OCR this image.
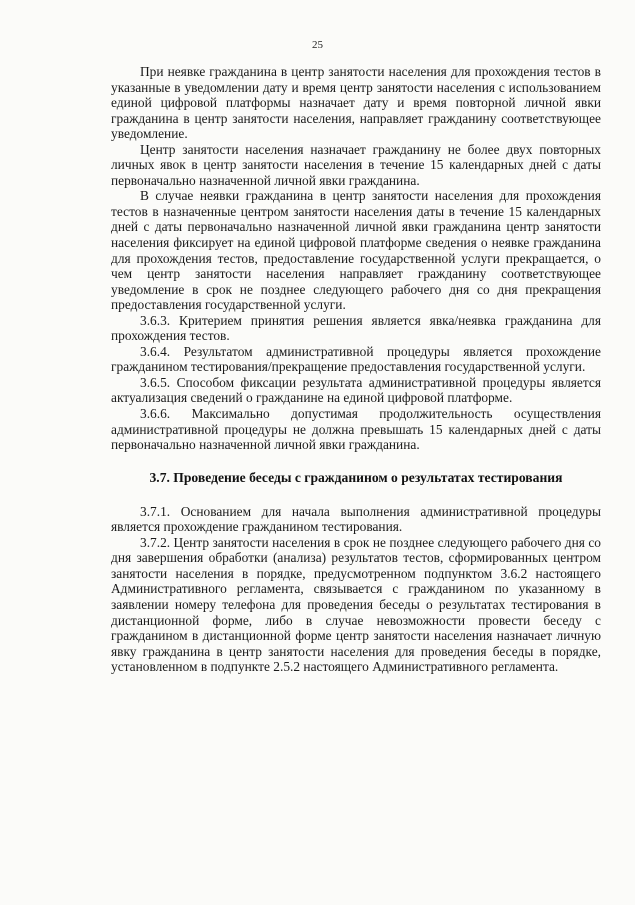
25

При неявке гражданина в центр занятости населения для прохождения тестов в указанные в уведомлении дату и время центр занятости населения с использованием единой цифровой платформы назначает дату и время повторной личной явки гражданина в центр занятости населения, направляет гражданину соответствующее уведомление.

Центр занятости населения назначает гражданину не более двух повторных личных явок в центр занятости населения в течение 15 календарных дней с даты первоначально назначенной личной явки гражданина.

В случае неявки гражданина в центр занятости населения для прохождения тестов в назначенные центром занятости населения даты в течение 15 календарных дней с даты первоначально назначенной личной явки гражданина центр занятости населения фиксирует на единой цифровой платформе сведения о неявке гражданина для прохождения тестов, предоставление государственной услуги прекращается, о чем центр занятости населения направляет гражданину соответствующее уведомление в срок не позднее следующего рабочего дня со дня прекращения предоставления государственной услуги.

3.6.3. Критерием принятия решения является явка/неявка гражданина для прохождения тестов.

3.6.4. Результатом административной процедуры является прохождение гражданином тестирования/прекращение предоставления государственной услуги.

3.6.5. Способом фиксации результата административной процедуры является актуализация сведений о гражданине на единой цифровой платформе.

3.6.6. Максимально допустимая продолжительность осуществления административной процедуры не должна превышать 15 календарных дней с даты первоначально назначенной личной явки гражданина.

3.7. Проведение беседы с гражданином о результатах тестирования

3.7.1. Основанием для начала выполнения административной процедуры является прохождение гражданином тестирования.

3.7.2. Центр занятости населения в срок не позднее следующего рабочего дня со дня завершения обработки (анализа) результатов тестов, сформированных центром занятости населения в порядке, предусмотренном подпунктом 3.6.2 настоящего Административного регламента, связывается с гражданином по указанному в заявлении номеру телефона для проведения беседы о результатах тестирования в дистанционной форме, либо в случае невозможности провести беседу с гражданином в дистанционной форме центр занятости населения назначает личную явку гражданина в центр занятости населения для проведения беседы в порядке, установленном в подпункте 2.5.2 настоящего Административного регламента.
